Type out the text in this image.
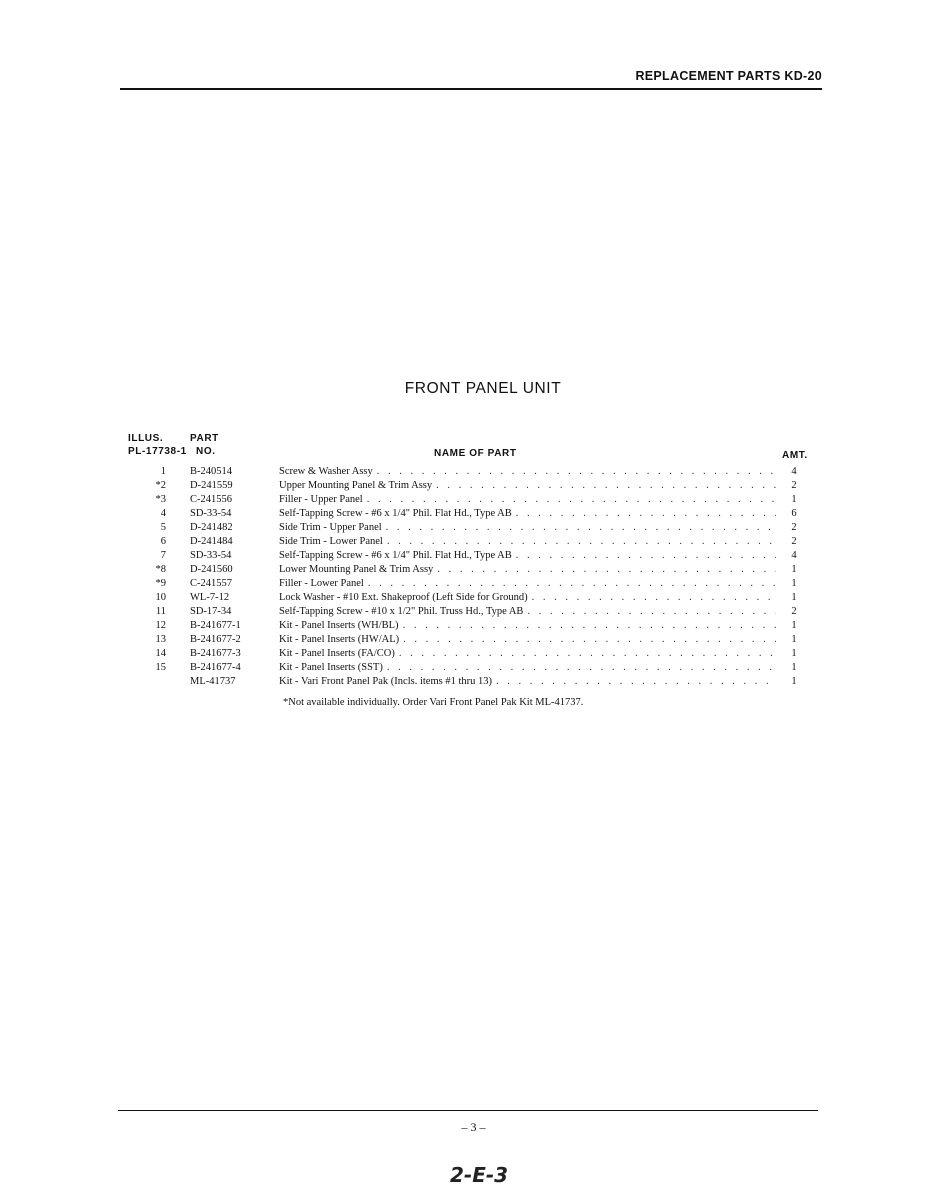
REPLACEMENT PARTS KD-20
FRONT PANEL UNIT
ILLUS.	PART
PL-17738-1 NO.	NAME OF PART	AMT.
1 B-240514	Screw & Washer Assy . . .	4
*2 D-241559	Upper Mounting Panel & Trim Assy . . .	2
*3 C-241556	Filler - Upper Panel . . .	1
4 SD-33-54	Self-Tapping Screw - #6 x 1/4" Phil. Flat Hd., Type AB . . .	6
5 D-241482	Side Trim - Upper Panel . . .	2
6 D-241484	Side Trim - Lower Panel . . .	2
7 SD-33-54	Self-Tapping Screw - #6 x 1/4" Phil. Flat Hd., Type AB . . .	4
*8 D-241560	Lower Mounting Panel & Trim Assy . . .	1
*9 C-241557	Filler - Lower Panel . . .	1
10 WL-7-12	Lock Washer - #10 Ext. Shakeproof (Left Side for Ground) . . .	1
11 SD-17-34	Self-Tapping Screw - #10 x 1/2" Phil. Truss Hd., Type AB . . .	2
12 B-241677-1	Kit - Panel Inserts (WH/BL) . . .	1
13 B-241677-2	Kit - Panel Inserts (HW/AL) . . .	1
14 B-241677-3	Kit - Panel Inserts (FA/CO) . . .	1
15 B-241677-4	Kit - Panel Inserts (SST) . . .	1
ML-41737	Kit - Vari Front Panel Pak (Incls. items #1 thru 13) . . .	1
*Not available individually. Order Vari Front Panel Pak Kit ML-41737.
– 3 –
2-E-3
